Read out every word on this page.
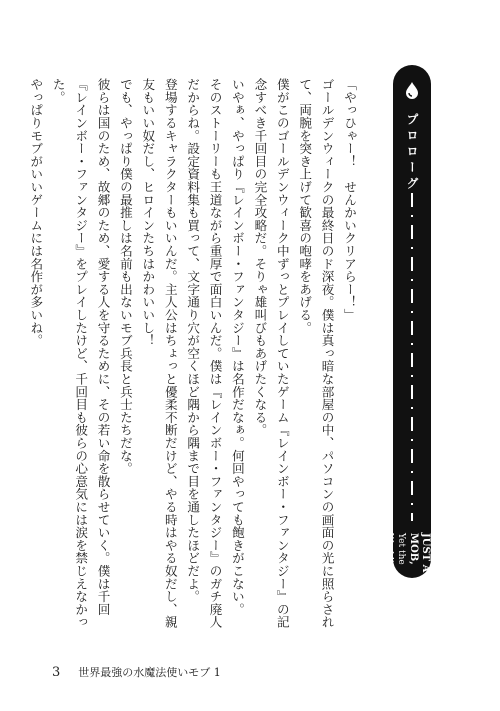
「やっひゃー！　せんかいクリアらー！」

ゴールデンウィークの最終日のド深夜。僕は真っ暗な部屋の中、パソコンの画面の光に照らされ

て、両腕を突き上げて歓喜の咆哮をあげる。

僕がこのゴールデンウィーク中ずっとプレイしていたゲーム『レインボー・ファンタジー』の記

念すべき千回目の完全攻略だ。そりゃ雄叫びもあげたくなる。

いやぁ、やっぱり『レインボー・ファンタジー』は名作だなぁ。何回やっても飽きがこない。

そのストーリーも王道ながら重厚で面白いんだ。僕は『レインボー・ファンタジー』のガチ廃人

だからね。設定資料集も買って、文字通り穴が空くほど隅から隅まで目を通したほどだよ。

登場するキャラクターもいいんだ。主人公はちょっと優柔不断だけど、やる時はやる奴だし、親

友もいい奴だし、ヒロインたちはかわいいし！

でも、やっぱり僕の最推しは名前も出ないモブ兵長と兵士たちだな。

彼らは国のため、故郷のため、愛する人を守るために、その若い命を散らせていく。僕は千回

『レインボー・ファンタジー』をプレイしたけど、千回目も彼らの心意気には涙を禁じえなかった。

やっぱりモブがいいゲームには名作が多いね。	プロローグ
JUST A MOB,
Yet the World's Strongest Water Mage
3 世界最強の水魔法使いモブ 1
